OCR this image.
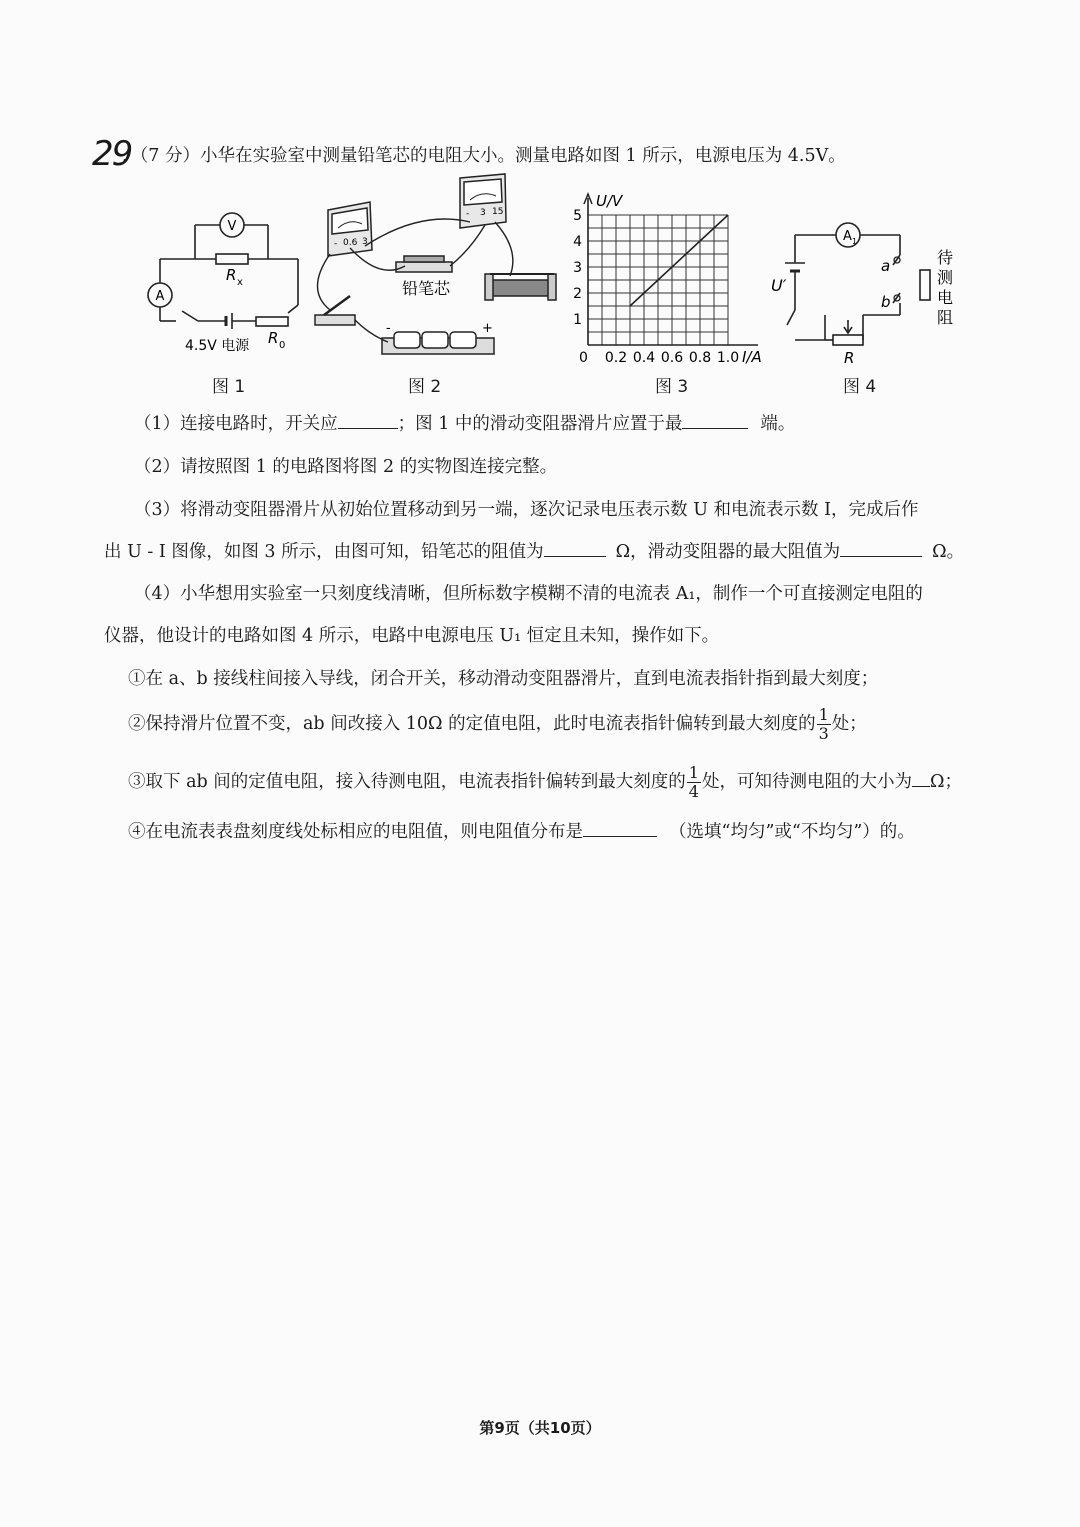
29
．（7 分）小华在实验室中测量铅笔芯的电阻大小。测量电路如图 1 所示，电源电压为 4.5V。
V
A
R x
R 0
4.5V 电源
- 0.6 3
- 3 15
铅笔芯
-	+
0.2 0.4 0.6 0.8 1.0
1
2
3
4
5
U/V
I/A
0
A 1
a
b
U′
R
待
测
电
阻
图 1	图 2	图 3	图 4
（1）连接电路时，开关应	；图 1 中的滑动变阻器滑片应置于最	端。
（2）请按照图 1 的电路图将图 2 的实物图连接完整。
（3）将滑动变阻器滑片从初始位置移动到另一端，逐次记录电压表示数 U 和电流表示数 I，完成后作
出 U - I 图像，如图 3 所示，由图可知，铅笔芯的阻值为	Ω，滑动变阻器的最大阻值为	Ω。
（4）小华想用实验室一只刻度线清晰，但所标数字模糊不清的电流表 A₁，制作一个可直接测定电阻的
仪器，他设计的电路如图 4 所示，电路中电源电压 U₁ 恒定且未知，操作如下。
①在 a、b 接线柱间接入导线，闭合开关，移动滑动变阻器滑片，直到电流表指针指到最大刻度；
②保持滑片位置不变，ab 间改接入 10Ω 的定值电阻，此时电流表指针偏转到最大刻度的 $\frac{1}{3}$ 处；
③取下 ab 间的定值电阻，接入待测电阻，电流表指针偏转到最大刻度的 $\frac{1}{4}$ 处，可知待测电阻的大小为 Ω；
④在电流表表盘刻度线处标相应的电阻值，则电阻值分布是	（选填“均匀”或“不均匀”）的。
第9页（共10页）
